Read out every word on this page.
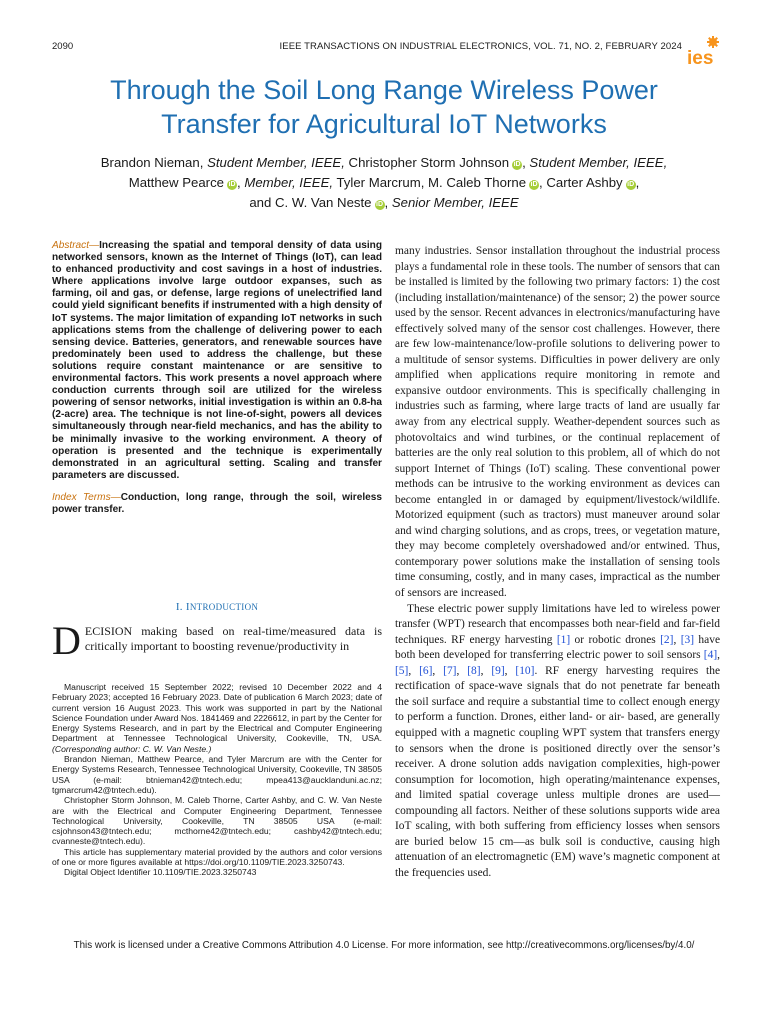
2090	IEEE TRANSACTIONS ON INDUSTRIAL ELECTRONICS, VOL. 71, NO. 2, FEBRUARY 2024
ies
Through the Soil Long Range Wireless Power
Transfer for Agricultural IoT Networks
Brandon Nieman, Student Member, IEEE, Christopher Storm Johnson iD , Student Member, IEEE,
Matthew Pearce iD , Member, IEEE, Tyler Marcrum, M. Caleb Thorne iD , Carter Ashby iD ,
and C. W. Van Neste iD , Senior Member, IEEE

Abstract—Increasing the spatial and temporal density of data using networked sensors, known as the Internet of Things (IoT), can lead to enhanced productivity and cost savings in a host of industries. Where applications involve large outdoor expanses, such as farming, oil and gas, or defense, large regions of unelectrified land could yield significant benefits if instrumented with a high density of IoT systems. The major limitation of expanding IoT networks in such applications stems from the challenge of delivering power to each sensing device. Batteries, generators, and renewable sources have predominately been used to address the challenge, but these solutions require constant maintenance or are sensitive to environmental factors. This work presents a novel approach where conduction currents through soil are utilized for the wireless powering of sensor networks, initial investigation is within an 0.8-ha (2-acre) area. The technique is not line-of-sight, powers all devices simultaneously through near-field mechanics, and has the ability to be minimally invasive to the working environment. A theory of operation is presented and the technique is experimentally demonstrated in an agricultural setting. Scaling and transfer parameters are discussed.

Index Terms—Conduction, long range, through the soil, wireless power transfer.

I. INTRODUCTION
DECISION making based on real-time/measured data is critically important to boosting revenue/productivity in

Manuscript received 15 September 2022; revised 10 December 2022 and 4 February 2023; accepted 16 February 2023. Date of publication 6 March 2023; date of current version 16 August 2023. This work was supported in part by the National Science Foundation under Award Nos. 1841469 and 2226612, in part by the Center for Energy Systems Research, and in part by the Electrical and Computer Engineering Department at Tennessee Technological University, Cookeville, TN, USA. (Corresponding author: C. W. Van Neste.)

Brandon Nieman, Matthew Pearce, and Tyler Marcrum are with the Center for Energy Systems Research, Tennessee Technological University, Cookeville, TN 38505 USA (e-mail: btnieman42@tntech.edu; mpea413@aucklanduni.ac.nz; tgmarcrum42@tntech.edu).

Christopher Storm Johnson, M. Caleb Thorne, Carter Ashby, and C. W. Van Neste are with the Electrical and Computer Engineering Department, Tennessee Technological University, Cookeville, TN 38505 USA (e-mail: csjohnson43@tntech.edu; mcthorne42@tntech.edu; cashby42@tntech.edu; cvanneste@tntech.edu).

This article has supplementary material provided by the authors and color versions of one or more figures available at https://doi.org/10.1109/TIE.2023.3250743.

Digital Object Identifier 10.1109/TIE.2023.3250743

many industries. Sensor installation throughout the industrial process plays a fundamental role in these tools. The number of sensors that can be installed is limited by the following two primary factors: 1) the cost (including installation/maintenance) of the sensor; 2) the power source used by the sensor. Recent advances in electronics/manufacturing have effectively solved many of the sensor cost challenges. However, there are few low-maintenance/low-profile solutions to delivering power to a multitude of sensor systems. Difficulties in power delivery are only amplified when applications require monitoring in remote and expansive outdoor environments. This is specifically challenging in industries such as farming, where large tracts of land are usually far away from any electrical supply. Weather-dependent sources such as photovoltaics and wind turbines, or the continual replacement of batteries are the only real solution to this problem, all of which do not support Internet of Things (IoT) scaling. These conventional power methods can be intrusive to the working environment as devices can become entangled in or damaged by equipment/livestock/wildlife. Motorized equipment (such as tractors) must maneuver around solar and wind charging solutions, and as crops, trees, or vegetation mature, they may become completely overshadowed and/or entwined. Thus, contemporary power solutions make the installation of sensing tools time consuming, costly, and in many cases, impractical as the number of sensors are increased.

These electric power supply limitations have led to wireless power transfer (WPT) research that encompasses both near-field and far-field techniques. RF energy harvesting [1] or robotic drones [2], [3] have both been developed for transferring electric power to soil sensors [4], [5], [6], [7], [8], [9], [10]. RF energy harvesting requires the rectification of space-wave signals that do not penetrate far beneath the soil surface and require a substantial time to collect enough energy to perform a function. Drones, either land- or air- based, are generally equipped with a magnetic coupling WPT system that transfers energy to sensors when the drone is positioned directly over the sensor’s receiver. A drone solution adds navigation complexities, high-power consumption for locomotion, high operating/maintenance expenses, and limited spatial coverage unless multiple drones are used—compounding all factors. Neither of these solutions supports wide area IoT scaling, with both suffering from efficiency losses when sensors are buried below 15 cm—as bulk soil is conductive, causing high attenuation of an electromagnetic (EM) wave’s magnetic component at the frequencies used.

This work is licensed under a Creative Commons Attribution 4.0 License. For more information, see http://creativecommons.org/licenses/by/4.0/
